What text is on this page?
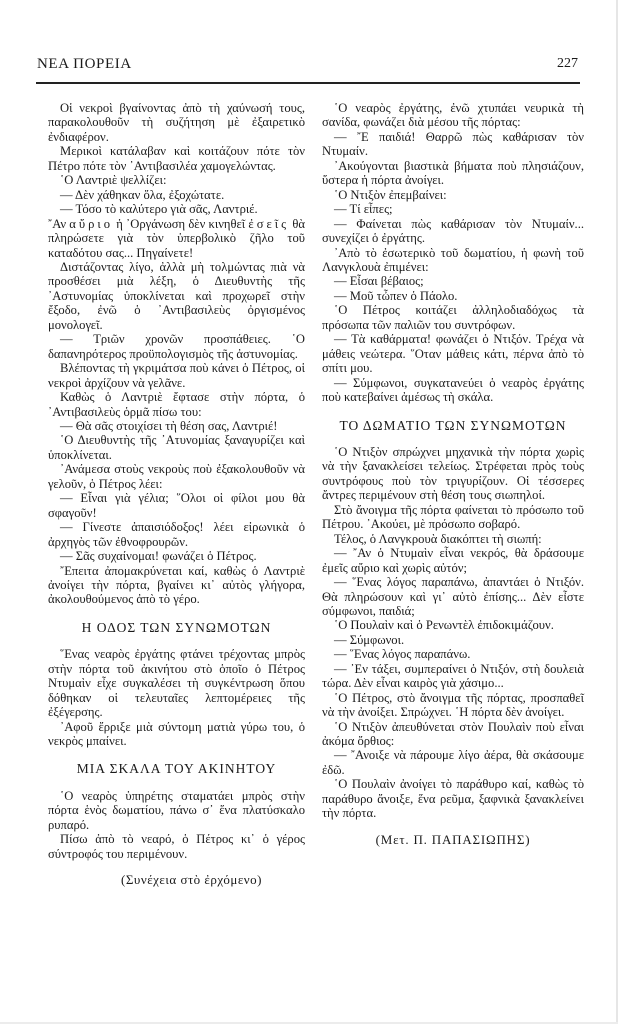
ΝΕΑ ΠΟΡΕΙΑ	227

Οἱ νεκροὶ βγαίνοντας ἀπὸ τὴ χαύνωσή τους, παρακολουθοῦν τὴ συζήτηση μὲ ἐξαιρετικὸ ἐνδιαφέρον.

Μερικοὶ κατάλαβαν καὶ κοιτάζουν πότε τὸν Πέτρο πότε τὸν ᾿Αντιβασιλέα χαμογελώντας.

῾Ο Λαντριὲ ψελλίζει:

— Δὲν χάθηκαν ὅλα, ἐξοχώτατε.

— Τόσο τὸ καλύτερο γιὰ σᾶς, Λαντριέ.

῎Αν αὔριο ἡ ᾿Οργάνωση δὲν κινηθεῖ ἐσεῖς θὰ πληρώσετε γιὰ τὸν ὑπερβολικὸ ζῆλο τοῦ καταδότου σας... Πηγαίνετε!

Διστάζοντας λίγο, ἀλλὰ μὴ τολμώντας πιὰ νὰ προσθέσει μιὰ λέξη, ὁ Διευθυντὴς τῆς ᾿Αστυνομίας ὑποκλίνεται καὶ προχωρεῖ στὴν ἔξοδο, ἐνῶ ὁ ᾿Αντιβασιλεὺς ὀργισμένος μονολογεῖ.

— Τριῶν χρονῶν προσπάθειες. ῾Ο δαπανηρότερος προϋπολογισμὸς τῆς ἀστυνομίας.

Βλέποντας τὴ γκριμάτσα ποὺ κάνει ὁ Πέτρος, οἱ νεκροὶ ἀρχίζουν νὰ γελᾶνε.

Καθὼς ὁ Λαντριὲ ἔφτασε στὴν πόρτα, ὁ ᾿Αντιβασιλεὺς ὁρμᾶ πίσω του:

— Θὰ σᾶς στοιχίσει τὴ θέση σας, Λαντριέ!

῾Ο Διευθυντὴς τῆς ᾿Ατυνομίας ξαναγυρίζει καὶ ὑποκλίνεται.

᾿Ανάμεσα στοὺς νεκροὺς ποὺ ἐξακολουθοῦν νὰ γελοῦν, ὁ Πέτρος λέει:

— Εἶναι γιὰ γέλια; ῞Ολοι οἱ φίλοι μου θὰ σφαγοῦν!

— Γίνεστε ἀπαισιόδοξος! λέει εἰρωνικὰ ὁ ἀρχηγὸς τῶν ἐθνοφρουρῶν.

— Σᾶς συχαίνομαι! φωνάζει ὁ Πέτρος.

῎Επειτα ἀπομακρύνεται καί, καθὼς ὁ Λαντριὲ ἀνοίγει τὴν πόρτα, βγαίνει κι᾿ αὐτὸς γλήγορα, ἀκολουθούμενος ἀπὸ τὸ γέρο.

Η ΟΔΟΣ ΤΩΝ ΣΥΝΩΜΟΤΩΝ

῞Ενας νεαρὸς ἐργάτης φτάνει τρέχοντας μπρὸς στὴν πόρτα τοῦ ἀκινήτου στὸ ὁποῖο ὁ Πέτρος Ντυμαὶν εἶχε συγκαλέσει τὴ συγκέντρωση ὅπου δόθηκαν οἱ τελευταῖες λεπτομέρειες τῆς ἐξέγερσης.

᾿Αφοῦ ἔρριξε μιὰ σύντομη ματιὰ γύρω του, ὁ νεκρὸς μπαίνει.

ΜΙΑ ΣΚΑΛΑ ΤΟΥ ΑΚΙΝΗΤΟΥ

῾Ο νεαρὸς ὑπηρέτης σταματάει μπρὸς στὴν πόρτα ἑνὸς δωματίου, πάνω σ᾿ ἕνα πλατύσκαλο ρυπαρό.

Πίσω ἀπὸ τὸ νεαρό, ὁ Πέτρος κι᾿ ὁ γέρος σύντροφός του περιμένουν.

(Συνέχεια στὸ ἐρχόμενο)

῾Ο νεαρὸς ἐργάτης, ἐνῶ χτυπάει νευρικὰ τὴ σανίδα, φωνάζει διὰ μέσου τῆς πόρτας:

— ῎Ε παιδιά! Θαρρῶ πὼς καθάρισαν τὸν Ντυμαίν.

᾿Ακούγονται βιαστικὰ βήματα ποὺ πλησιάζουν, ὕστερα ἡ πόρτα ἀνοίγει.

῾Ο Ντιξὸν ἐπεμβαίνει:

— Τί εἶπες;

— Φαίνεται πὼς καθάρισαν τὸν Ντυμαίν... συνεχίζει ὁ ἐργάτης.

᾿Απὸ τὸ ἐσωτερικὸ τοῦ δωματίου, ἡ φωνὴ τοῦ Λανγκλουὰ ἐπιμένει:

— Εἶσαι βέβαιος;

— Μοῦ τὦπεν ὁ Πάολο.

῾Ο Πέτρος κοιτάζει ἀλληλοδιαδόχως τὰ πρόσωπα τῶν παλιῶν του συντρόφων.

— Τὰ καθάρματα! φωνάζει ὁ Ντιξόν. Τρέχα νὰ μάθεις νεώτερα. ῞Οταν μάθεις κάτι, πέρνα ἀπὸ τὸ σπίτι μου.

— Σύμφωνοι, συγκατανεύει ὁ νεαρὸς ἐργάτης ποὺ κατεβαίνει ἀμέσως τὴ σκάλα.

ΤΟ ΔΩΜΑΤΙΟ ΤΩΝ ΣΥΝΩΜΟΤΩΝ

῾Ο Ντιξὸν σπρώχνει μηχανικὰ τὴν πόρτα χωρὶς νὰ τὴν ξανακλείσει τελείως. Στρέφεται πρὸς τοὺς συντρόφους ποὺ τὸν τριγυρίζουν. Οἱ τέσσερες ἄντρες περιμένουν στὴ θέση τους σιωπηλοί.

Στὸ ἄνοιγμα τῆς πόρτα φαίνεται τὸ πρόσωπο τοῦ Πέτρου. ᾿Ακούει, μὲ πρόσωπο σοβαρό.

Τέλος, ὁ Λανγκρουὰ διακόπτει τὴ σιωπή:

— ῎Αν ὁ Ντυμαὶν εἶναι νεκρός, θὰ δράσουμε ἐμεῖς αὔριο καὶ χωρὶς αὐτόν;

— ῞Ενας λόγος παραπάνω, ἀπαντάει ὁ Ντιξόν. Θὰ πληρώσουν καὶ γι᾿ αὐτὸ ἐπίσης... Δὲν εἶστε σύμφωνοι, παιδιά;

῾Ο Πουλαὶν καὶ ὁ Ρενωντὲλ ἐπιδοκιμάζουν.

— Σύμφωνοι.

— ῞Ενας λόγος παραπάνω.

— ᾿Εν τάξει, συμπεραίνει ὁ Ντιξόν, στὴ δουλειὰ τώρα. Δὲν εἶναι καιρὸς γιὰ χάσιμο...

῾Ο Πέτρος, στὸ ἄνοιγμα τῆς πόρτας, προσπαθεῖ νὰ τὴν ἀνοίξει. Σπρώχνει. ῾Η πόρτα δὲν ἀνοίγει.

῾Ο Ντιξὸν ἀπευθύνεται στὸν Πουλαὶν ποὺ εἶναι ἀκόμα ὄρθιος:

— ῎Ανοιξε νὰ πάρουμε λίγο ἀέρα, θὰ σκάσουμε ἐδῶ.

῾Ο Πουλαὶν ἀνοίγει τὸ παράθυρο καί, καθὼς τὸ παράθυρο ἄνοιξε, ἕνα ρεῦμα, ξαφνικὰ ξανακλείνει τὴν πόρτα.

(Μετ. Π. ΠΑΠΑΣΙΩΠΗΣ)
